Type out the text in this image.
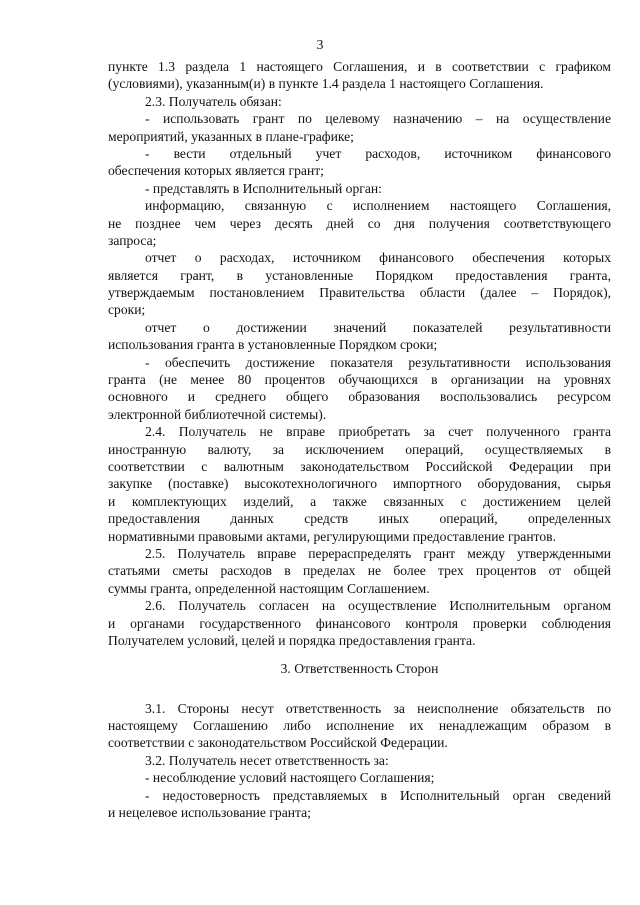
3
пункте 1.3 раздела 1 настоящего Соглашения, и в соответствии с графиком
(условиями), указанным(и) в пункте 1.4 раздела 1 настоящего Соглашения.
2.3. Получатель обязан:
- использовать грант по целевому назначению – на осуществление
мероприятий, указанных в плане-графике;
- вести отдельный учет расходов, источником финансового
обеспечения которых является грант;
- представлять в Исполнительный орган:
информацию, связанную с исполнением настоящего Соглашения,
не позднее чем через десять дней со дня получения соответствующего
запроса;
отчет о расходах, источником финансового обеспечения которых
является грант, в установленные Порядком предоставления гранта,
утверждаемым постановлением Правительства области (далее – Порядок),
сроки;
отчет о достижении значений показателей результативности
использования гранта в установленные Порядком сроки;
- обеспечить достижение показателя результативности использования
гранта (не менее 80 процентов обучающихся в организации на уровнях
основного и среднего общего образования воспользовались ресурсом
электронной библиотечной системы).
2.4. Получатель не вправе приобретать за счет полученного гранта
иностранную валюту, за исключением операций, осуществляемых в
соответствии с валютным законодательством Российской Федерации при
закупке (поставке) высокотехнологичного импортного оборудования, сырья
и комплектующих изделий, а также связанных с достижением целей
предоставления данных средств иных операций, определенных
нормативными правовыми актами, регулирующими предоставление грантов.
2.5. Получатель вправе перераспределять грант между утвержденными
статьями сметы расходов в пределах не более трех процентов от общей
суммы гранта, определенной настоящим Соглашением.
2.6. Получатель согласен на осуществление Исполнительным органом
и органами государственного финансового контроля проверки соблюдения
Получателем условий, целей и порядка предоставления гранта.
3. Ответственность Сторон
3.1. Стороны несут ответственность за неисполнение обязательств по
настоящему Соглашению либо исполнение их ненадлежащим образом в
соответствии с законодательством Российской Федерации.
3.2. Получатель несет ответственность за:
- несоблюдение условий настоящего Соглашения;
- недостоверность представляемых в Исполнительный орган сведений
и нецелевое использование гранта;
